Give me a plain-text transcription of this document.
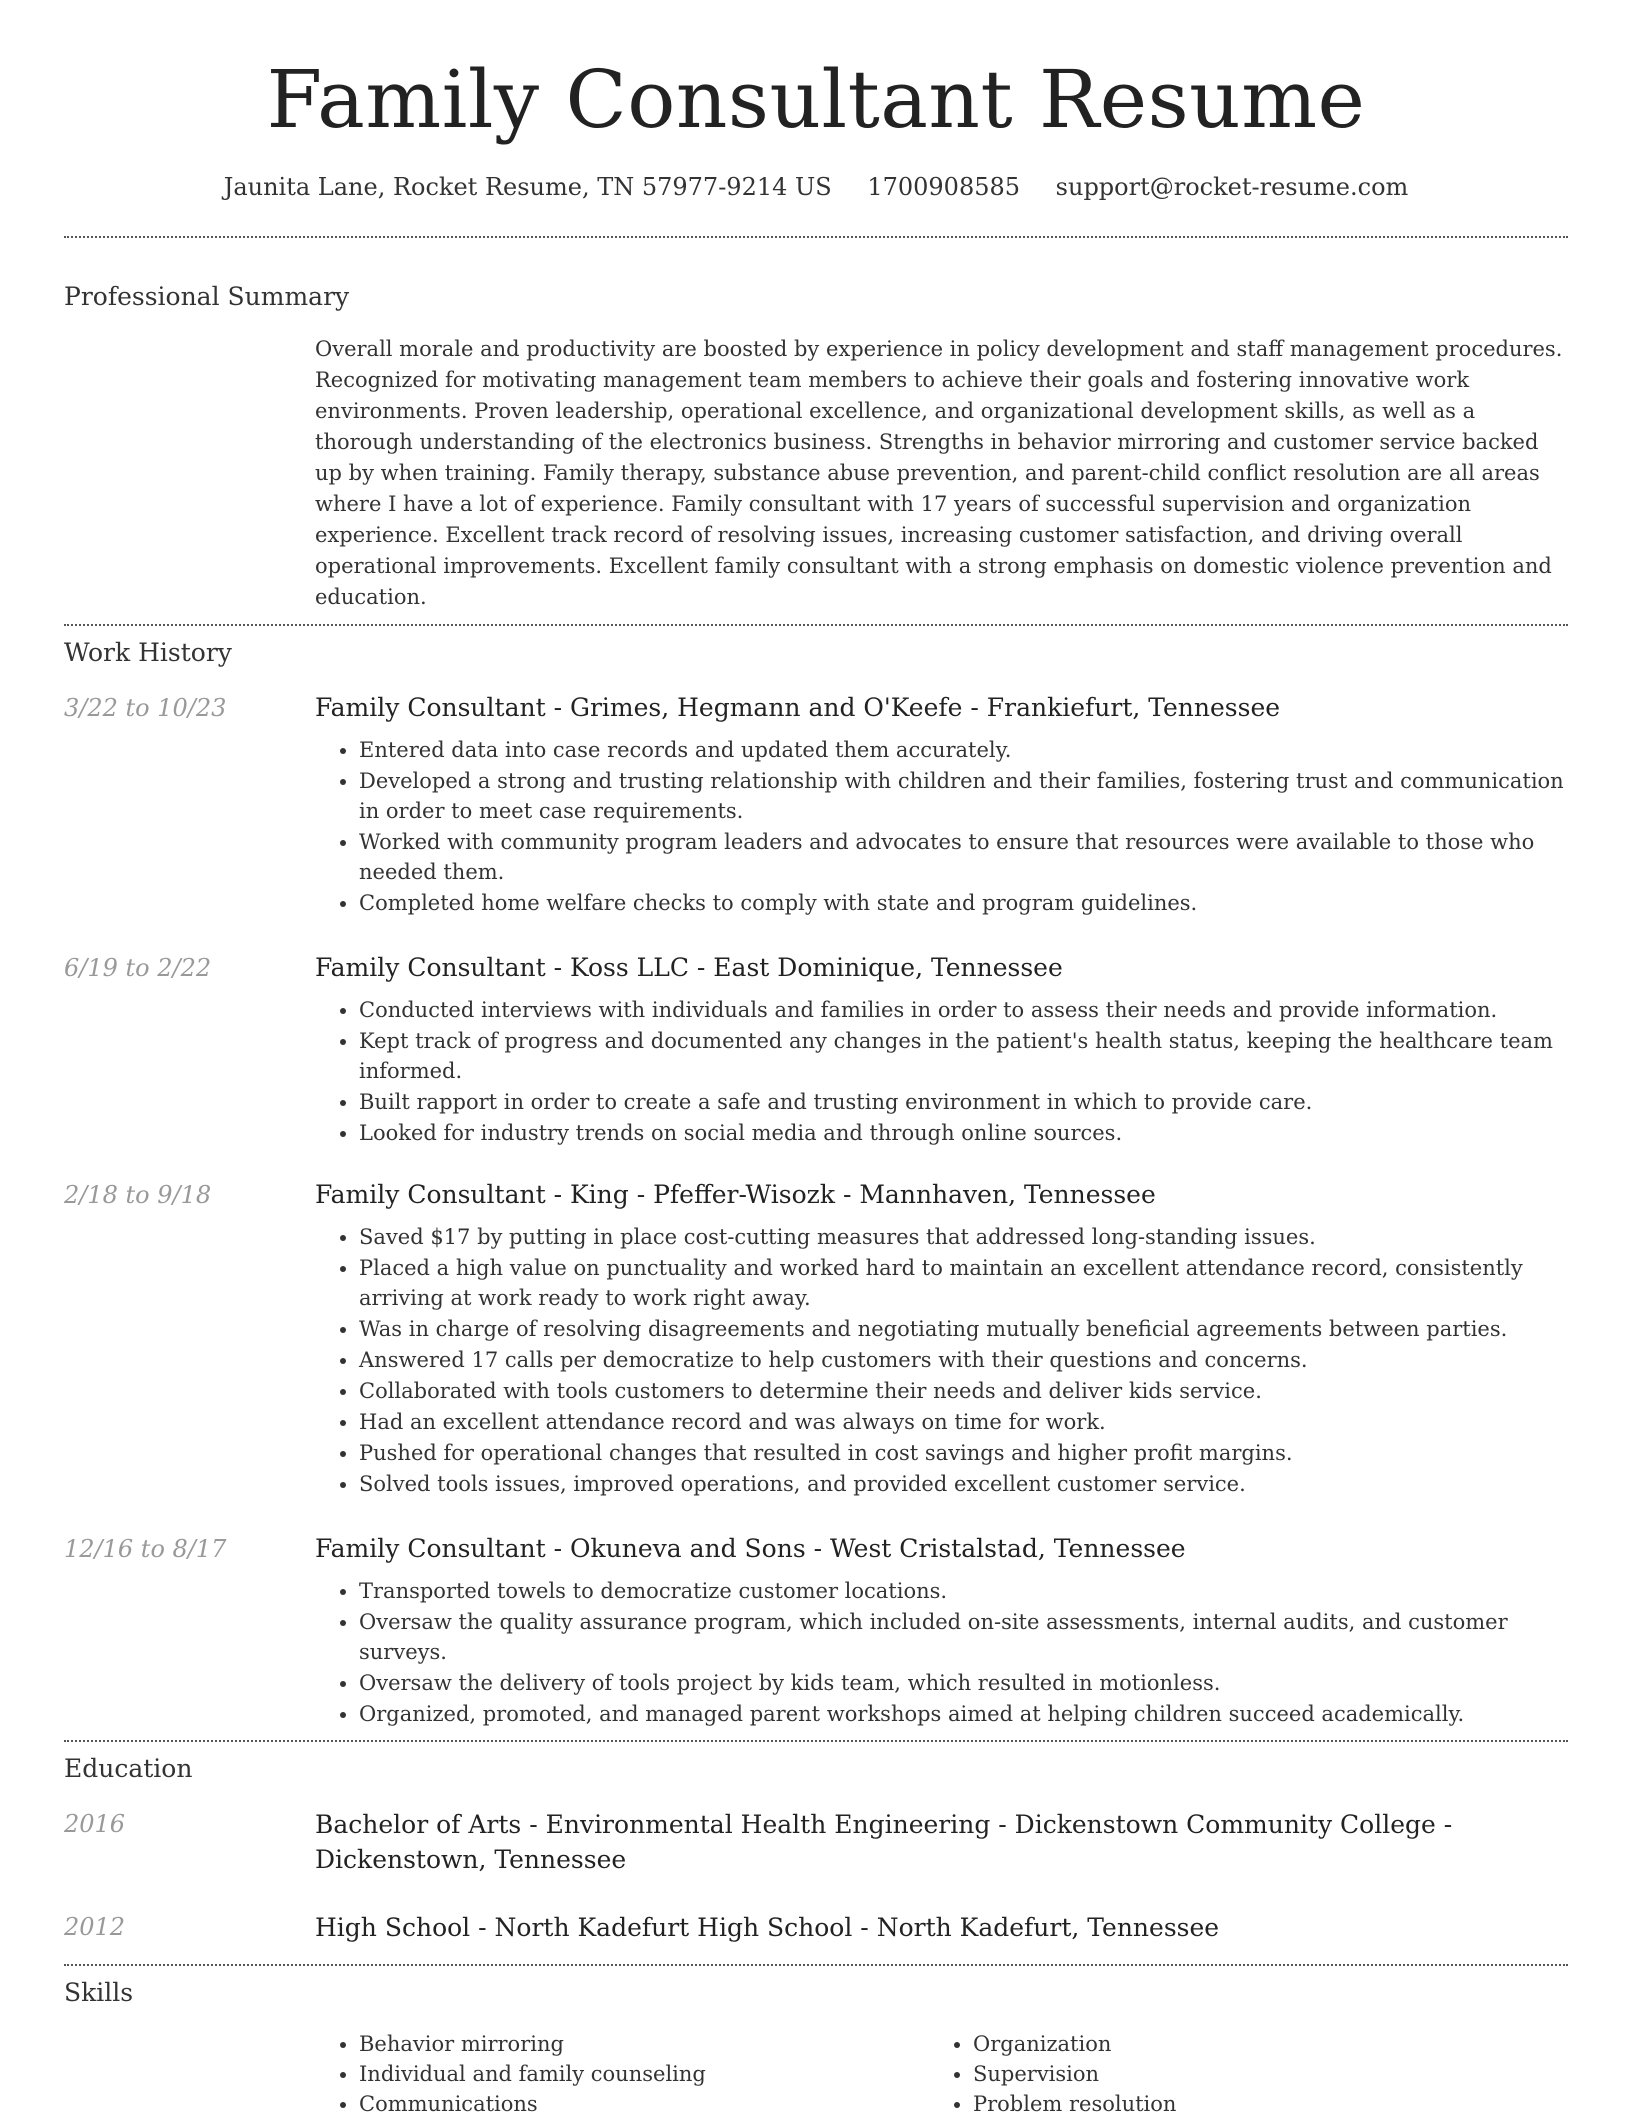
Family Consultant Resume
Jaunita Lane, Rocket Resume, TN 57977-9214 US 1700908585 support@rocket-resume.com
Professional Summary
Overall morale and productivity are boosted by experience in policy development and staff management procedures. Recognized for motivating management team members to achieve their goals and fostering innovative work environments. Proven leadership, operational excellence, and organizational development skills, as well as a thorough understanding of the electronics business. Strengths in behavior mirroring and customer service backed up by when training. Family therapy, substance abuse prevention, and parent-child conflict resolution are all areas where I have a lot of experience. Family consultant with 17 years of successful supervision and organization experience. Excellent track record of resolving issues, increasing customer satisfaction, and driving overall operational improvements. Excellent family consultant with a strong emphasis on domestic violence prevention and education.
Work History
3/22 to 10/23	Family Consultant - Grimes, Hegmann and O'Keefe - Frankiefurt, Tennessee
• Entered data into case records and updated them accurately.
• Developed a strong and trusting relationship with children and their families, fostering trust and communication in order to meet case requirements.
• Worked with community program leaders and advocates to ensure that resources were available to those who needed them.
• Completed home welfare checks to comply with state and program guidelines.
6/19 to 2/22	Family Consultant - Koss LLC - East Dominique, Tennessee
• Conducted interviews with individuals and families in order to assess their needs and provide information.
• Kept track of progress and documented any changes in the patient's health status, keeping the healthcare team informed.
• Built rapport in order to create a safe and trusting environment in which to provide care.
• Looked for industry trends on social media and through online sources.
2/18 to 9/18	Family Consultant - King - Pfeffer-Wisozk - Mannhaven, Tennessee
• Saved $17 by putting in place cost-cutting measures that addressed long-standing issues.
• Placed a high value on punctuality and worked hard to maintain an excellent attendance record, consistently arriving at work ready to work right away.
• Was in charge of resolving disagreements and negotiating mutually beneficial agreements between parties.
• Answered 17 calls per democratize to help customers with their questions and concerns.
• Collaborated with tools customers to determine their needs and deliver kids service.
• Had an excellent attendance record and was always on time for work.
• Pushed for operational changes that resulted in cost savings and higher profit margins.
• Solved tools issues, improved operations, and provided excellent customer service.
12/16 to 8/17	Family Consultant - Okuneva and Sons - West Cristalstad, Tennessee
• Transported towels to democratize customer locations.
• Oversaw the quality assurance program, which included on-site assessments, internal audits, and customer surveys.
• Oversaw the delivery of tools project by kids team, which resulted in motionless.
• Organized, promoted, and managed parent workshops aimed at helping children succeed academically.
Education
2016	Bachelor of Arts - Environmental Health Engineering - Dickenstown Community College - Dickenstown, Tennessee
2012	High School - North Kadefurt High School - North Kadefurt, Tennessee
Skills
• Behavior mirroring
• Individual and family counseling
• Communications
• Organization
• Supervision
• Problem resolution
